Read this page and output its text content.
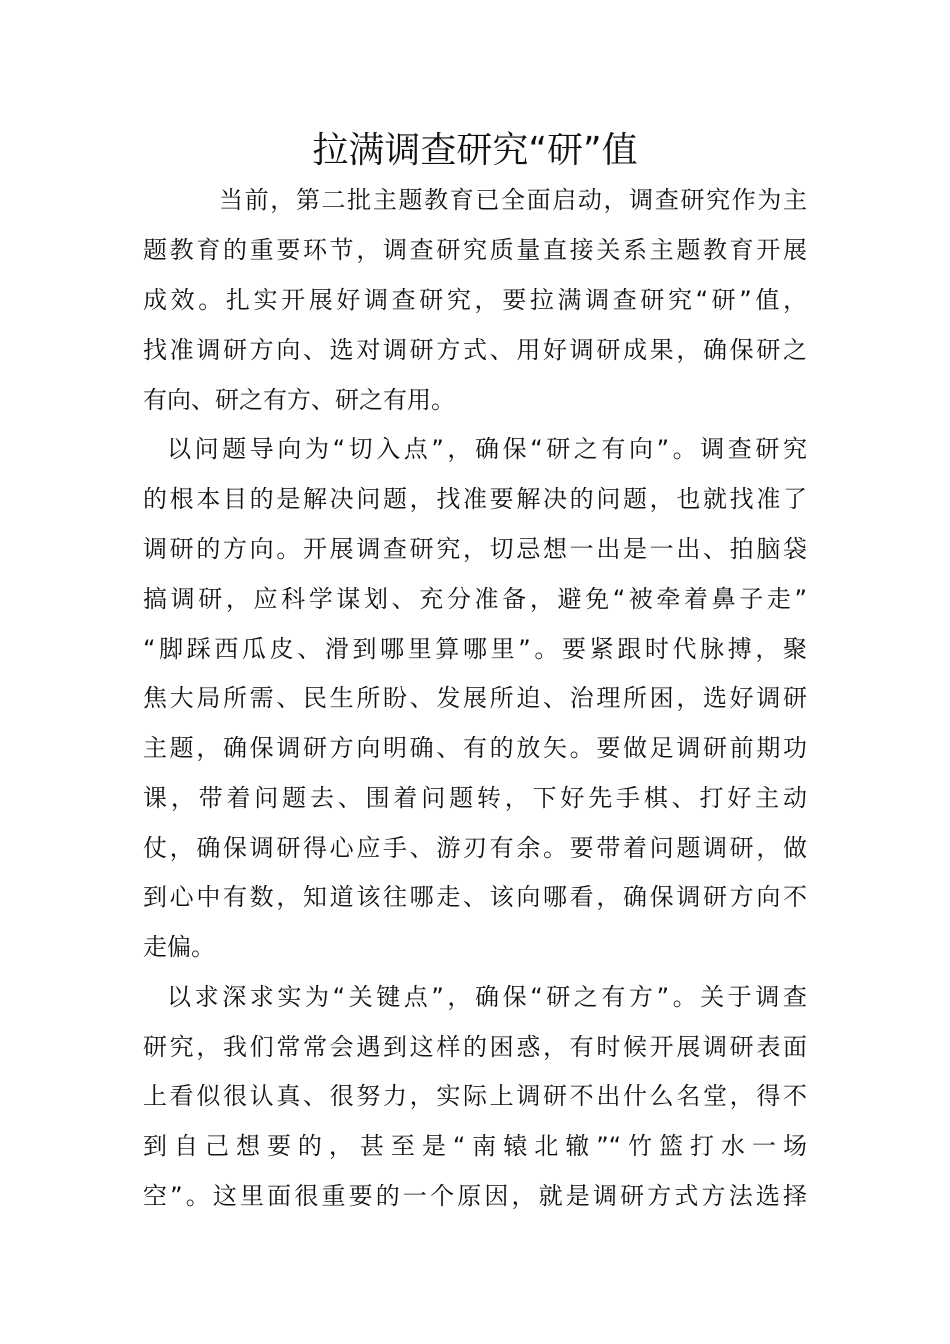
拉满调查研究“研”值
当前，第二批主题教育已全面启动，调查研究作为主
题教育的重要环节，调查研究质量直接关系主题教育开展
成效。扎实开展好调查研究，要拉满调查研究“研”值，
找准调研方向、选对调研方式、用好调研成果，确保研之
有向、研之有方、研之有用。
以问题导向为“切入点”，确保“研之有向”。调查研究
的根本目的是解决问题，找准要解决的问题，也就找准了
调研的方向。开展调查研究，切忌想一出是一出、拍脑袋
搞调研，应科学谋划、充分准备，避免“被牵着鼻子走”
“脚踩西瓜皮、滑到哪里算哪里”。要紧跟时代脉搏，聚
焦大局所需、民生所盼、发展所迫、治理所困，选好调研
主题，确保调研方向明确、有的放矢。要做足调研前期功
课，带着问题去、围着问题转，下好先手棋、打好主动
仗，确保调研得心应手、游刃有余。要带着问题调研，做
到心中有数，知道该往哪走、该向哪看，确保调研方向不
走偏。
以求深求实为“关键点”，确保“研之有方”。关于调查
研究，我们常常会遇到这样的困惑，有时候开展调研表面
上看似很认真、很努力，实际上调研不出什么名堂，得不
到自己想要的，甚至是“南辕北辙”“竹篮打水一场
空”。这里面很重要的一个原因，就是调研方式方法选择
